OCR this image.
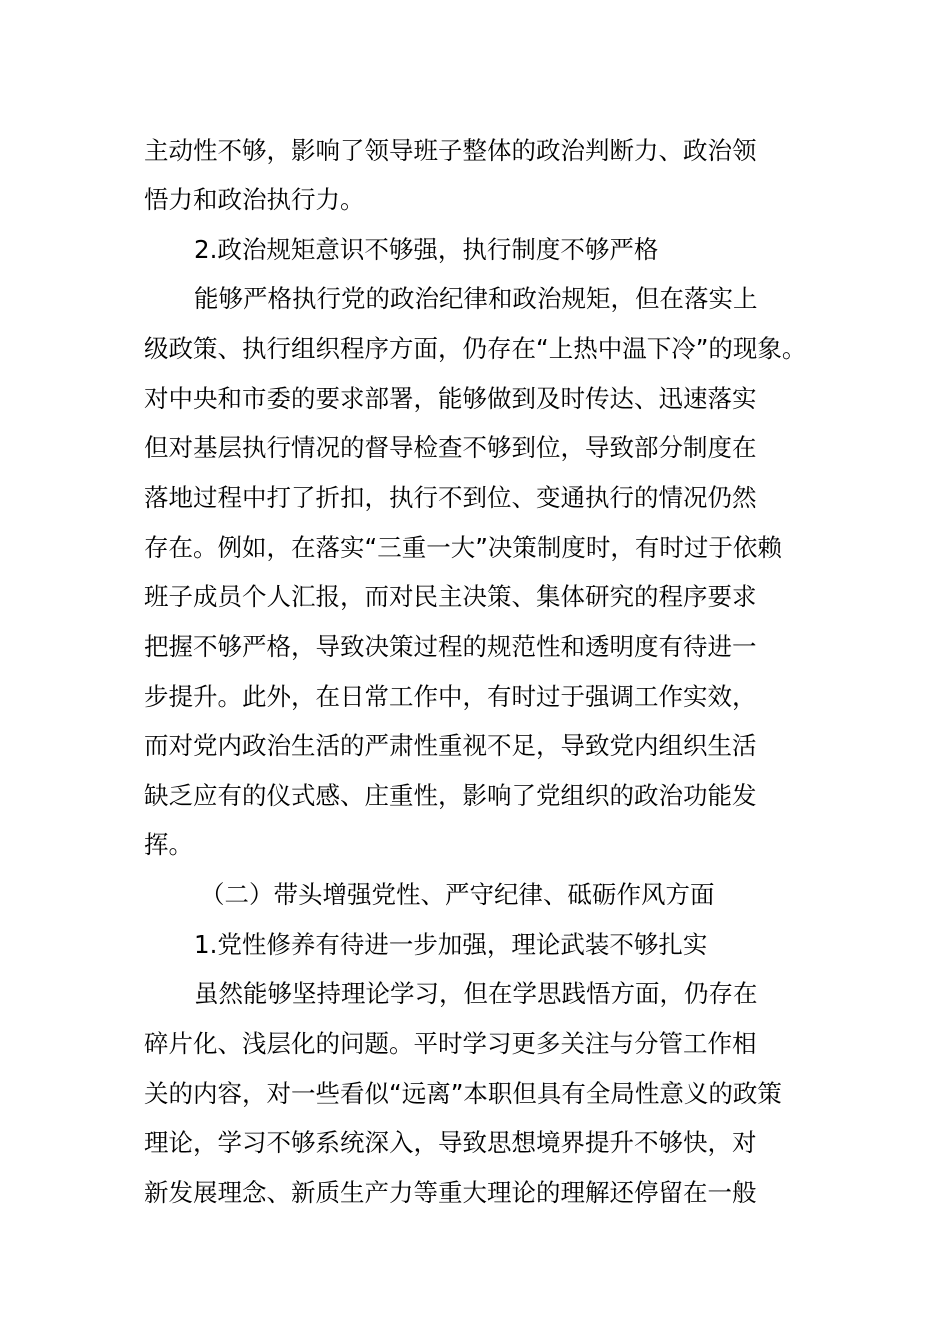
主动性不够，影响了领导班子整体的政治判断力、政治领

悟力和政治执行力。

2.政治规矩意识不够强，执行制度不够严格

能够严格执行党的政治纪律和政治规矩，但在落实上

级政策、执行组织程序方面，仍存在“上热中温下冷”的现象。

对中央和市委的要求部署，能够做到及时传达、迅速落实

但对基层执行情况的督导检查不够到位，导致部分制度在

落地过程中打了折扣，执行不到位、变通执行的情况仍然

存在。例如，在落实“三重一大”决策制度时，有时过于依赖

班子成员个人汇报，而对民主决策、集体研究的程序要求

把握不够严格，导致决策过程的规范性和透明度有待进一

步提升。此外，在日常工作中，有时过于强调工作实效，

而对党内政治生活的严肃性重视不足，导致党内组织生活

缺乏应有的仪式感、庄重性，影响了党组织的政治功能发

挥。

（二）带头增强党性、严守纪律、砥砺作风方面

1.党性修养有待进一步加强，理论武装不够扎实

虽然能够坚持理论学习，但在学思践悟方面，仍存在

碎片化、浅层化的问题。平时学习更多关注与分管工作相

关的内容，对一些看似“远离”本职但具有全局性意义的政策

理论，学习不够系统深入，导致思想境界提升不够快，对

新发展理念、新质生产力等重大理论的理解还停留在一般
